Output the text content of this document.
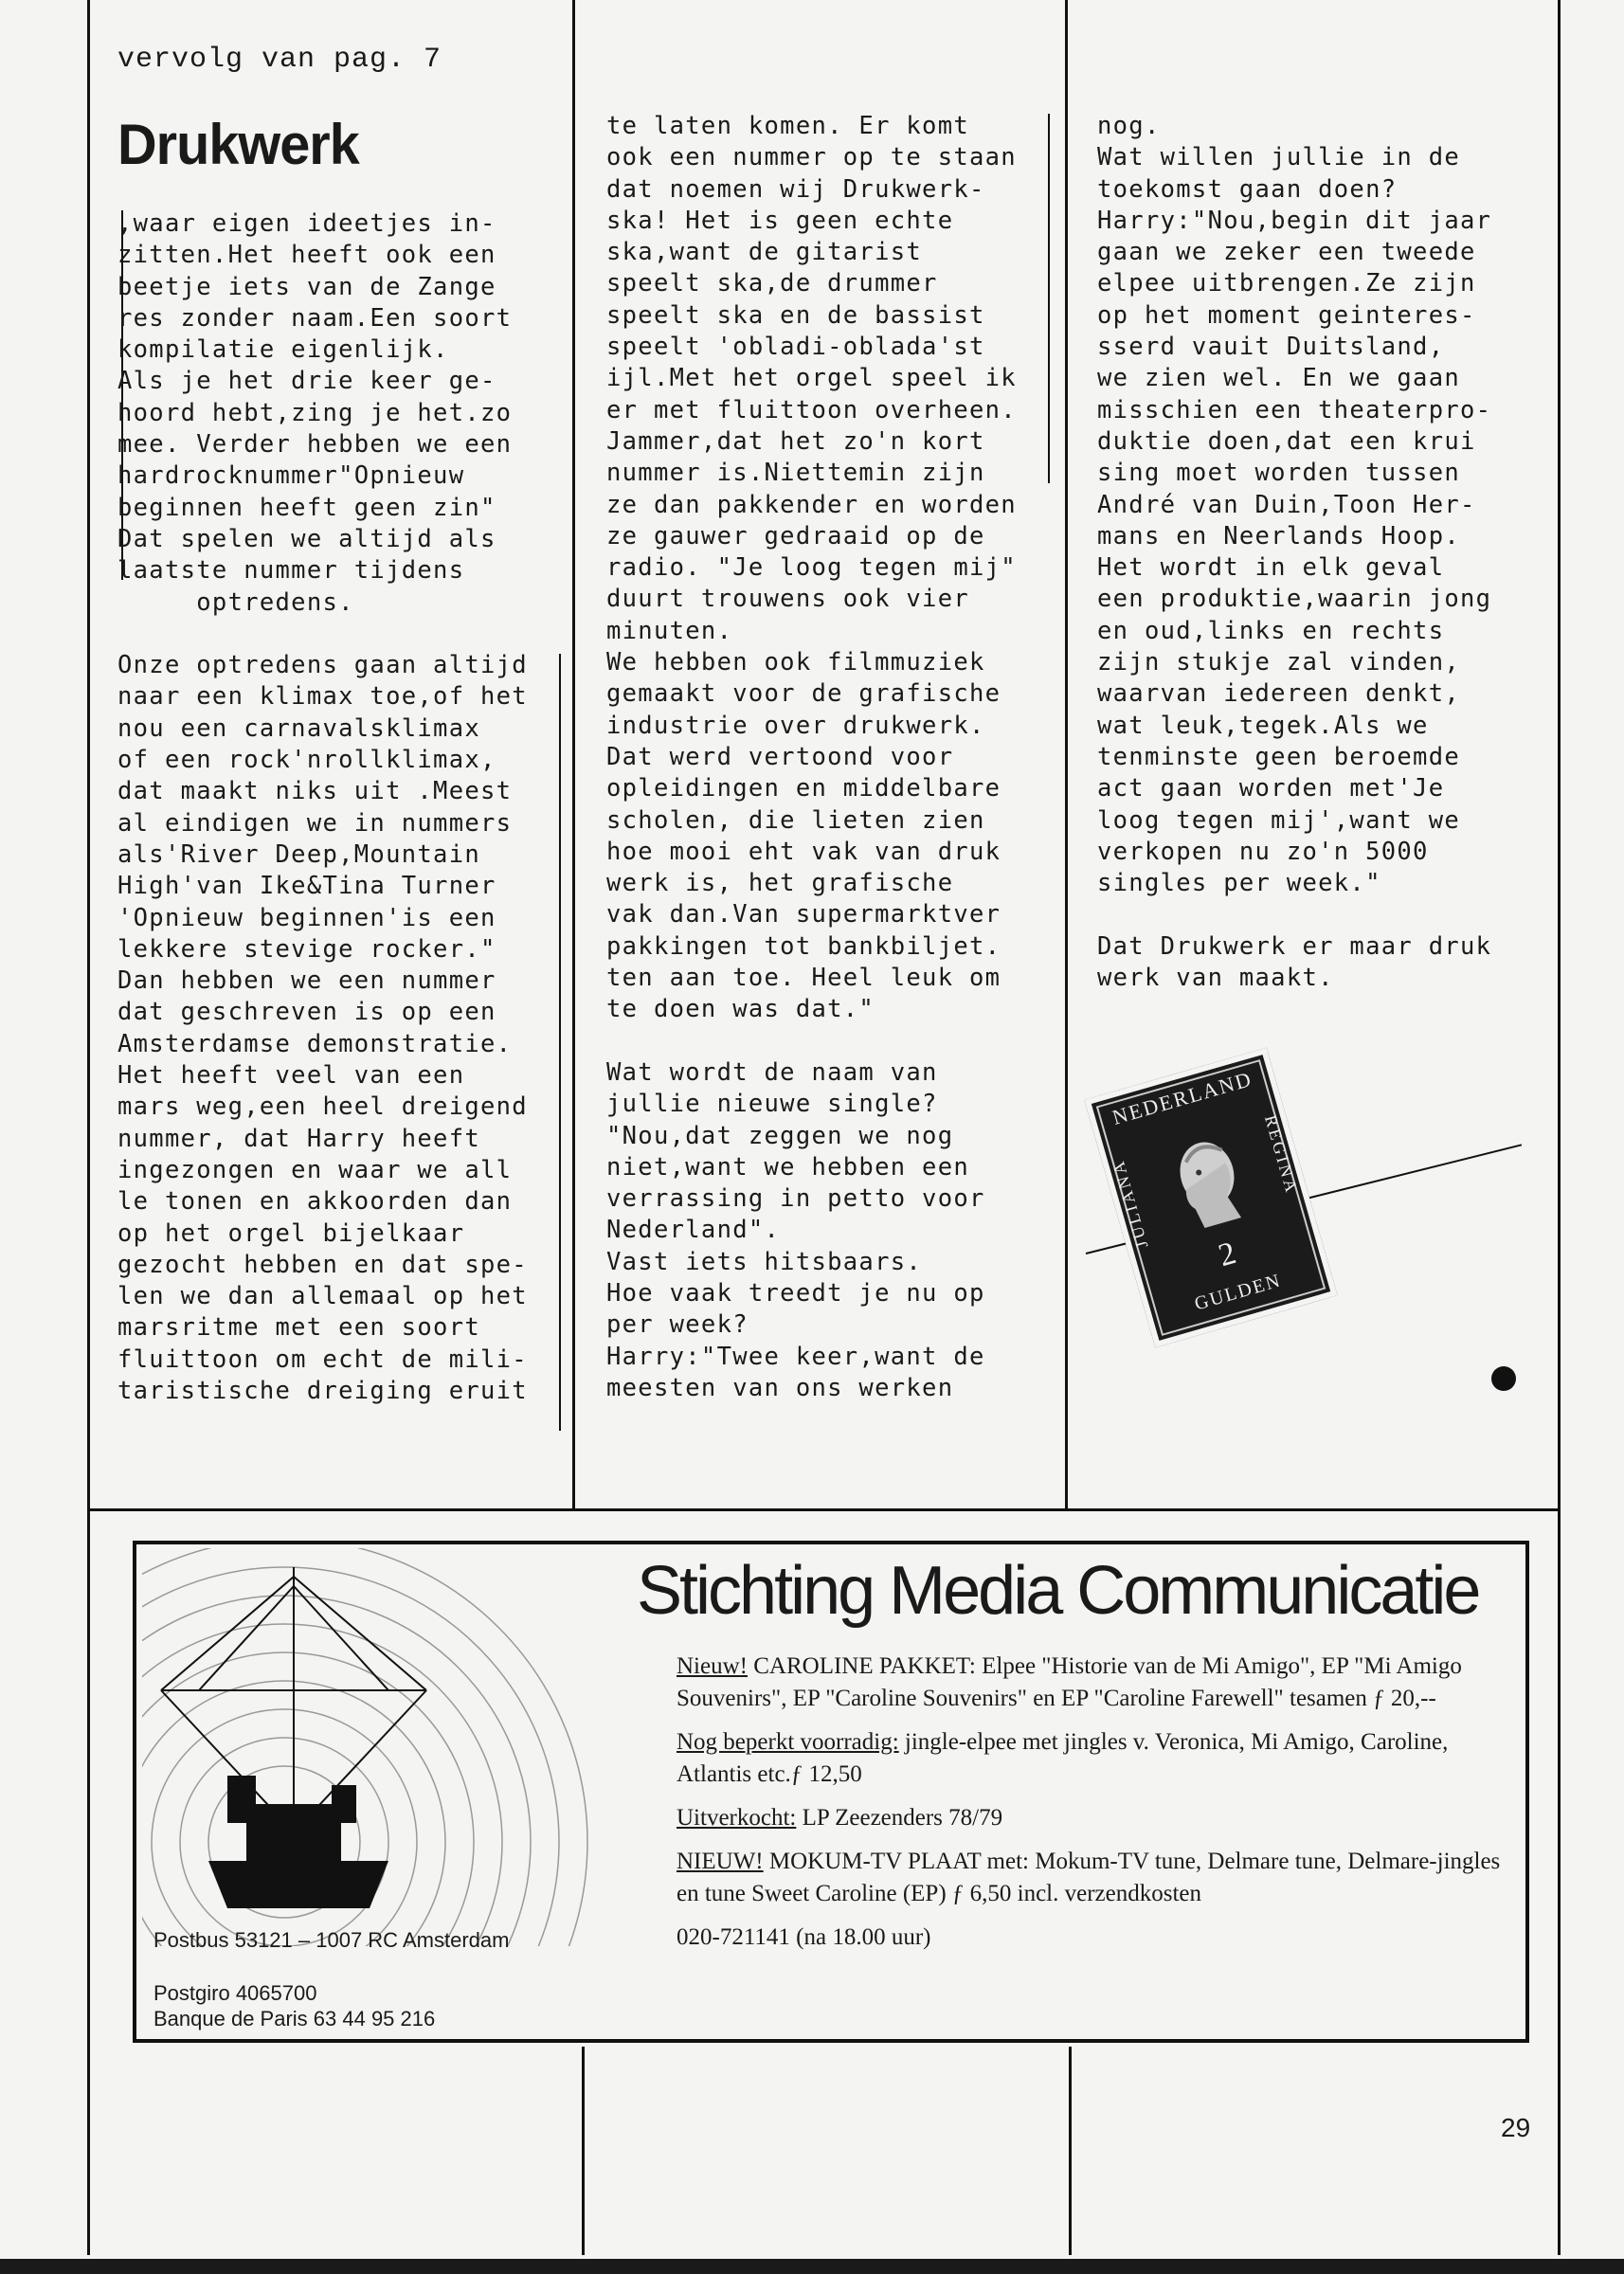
vervolg van pag. 7
Drukwerk
,waar eigen ideetjes in-
zitten.Het heeft ook een
beetje iets van de Zange
res zonder naam.Een soort
kompilatie eigenlijk.
Als je het drie keer ge-
hoord hebt,zing je het.zo
mee. Verder hebben we een
hardrocknummer"Opnieuw
beginnen heeft geen zin"
Dat spelen we altijd als
laatste nummer tijdens
optredens.

Onze optredens gaan altijd
naar een klimax toe,of het
nou een carnavalsklimax
of een rock'nrollklimax,
dat maakt niks uit .Meest
al eindigen we in nummers
als'River Deep,Mountain
High'van Ike&Tina Turner
'Opnieuw beginnen'is een
lekkere stevige rocker."
Dan hebben we een nummer
dat geschreven is op een
Amsterdamse demonstratie.
Het heeft veel van een
mars weg,een heel dreigend
nummer, dat Harry heeft
ingezongen en waar we all
le tonen en akkoorden dan
op het orgel bijelkaar
gezocht hebben en dat spe-
len we dan allemaal op het
marsritme met een soort
fluittoon om echt de mili-
taristische dreiging eruit
te laten komen. Er komt
ook een nummer op te staan
dat noemen wij Drukwerk-
ska! Het is geen echte
ska,want de gitarist
speelt ska,de drummer
speelt ska en de bassist
speelt 'obladi-oblada'st
ijl.Met het orgel speel ik
er met fluittoon overheen.
Jammer,dat het zo'n kort
nummer is.Niettemin zijn
ze dan pakkender en worden
ze gauwer gedraaid op de
radio. "Je loog tegen mij"
duurt trouwens ook vier
minuten.
We hebben ook filmmuziek
gemaakt voor de grafische
industrie over drukwerk.
Dat werd vertoond voor
opleidingen en middelbare
scholen, die lieten zien
hoe mooi eht vak van druk
werk is, het grafische
vak dan.Van supermarktver
pakkingen tot bankbiljet.
ten aan toe. Heel leuk om
te doen was dat."

Wat wordt de naam van
jullie nieuwe single?
"Nou,dat zeggen we nog
niet,want we hebben een
verrassing in petto voor
Nederland".
Vast iets hitsbaars.
Hoe vaak treedt je nu op
per week?
Harry:"Twee keer,want de
meesten van ons werken
nog.
Wat willen jullie in de
toekomst gaan doen?
Harry:"Nou,begin dit jaar
gaan we zeker een tweede
elpee uitbrengen.Ze zijn
op het moment geinteres-
sserd vauit Duitsland,
we zien wel. En we gaan
misschien een theaterpro-
duktie doen,dat een krui
sing moet worden tussen
André van Duin,Toon Her-
mans en Neerlands Hoop.
Het wordt in elk geval
een produktie,waarin jong
en oud,links en rechts
zijn stukje zal vinden,
waarvan iedereen denkt,
wat leuk,tegek.Als we
tenminste geen beroemde
act gaan worden met'Je
loog tegen mij',want we
verkopen nu zo'n 5000
singles per week."

Dat Drukwerk er maar druk
werk van maakt.
NEDERLAND
JULIANA
REGINA
2
GULDEN
Stichting Media Communicatie
Postbus 53121 – 1007 RC Amsterdam
Postgiro 4065700
Banque de Paris 63 44 95 216

Nieuw! CAROLINE PAKKET: Elpee "Historie van de Mi Amigo", EP "Mi Amigo Souvenirs", EP "Caroline Souvenirs" en EP "Caroline Farewell" tesamen ƒ 20,--

Nog beperkt voorradig: jingle-elpee met jingles v. Veronica, Mi Amigo, Caroline, Atlantis etc.ƒ 12,50

Uitverkocht: LP Zeezenders 78/79

NIEUW! MOKUM-TV PLAAT met: Mokum-TV tune, Delmare tune, Delmare-jingles en tune Sweet Caroline (EP) ƒ 6,50 incl. verzendkosten

020-721141 (na 18.00 uur)

29
